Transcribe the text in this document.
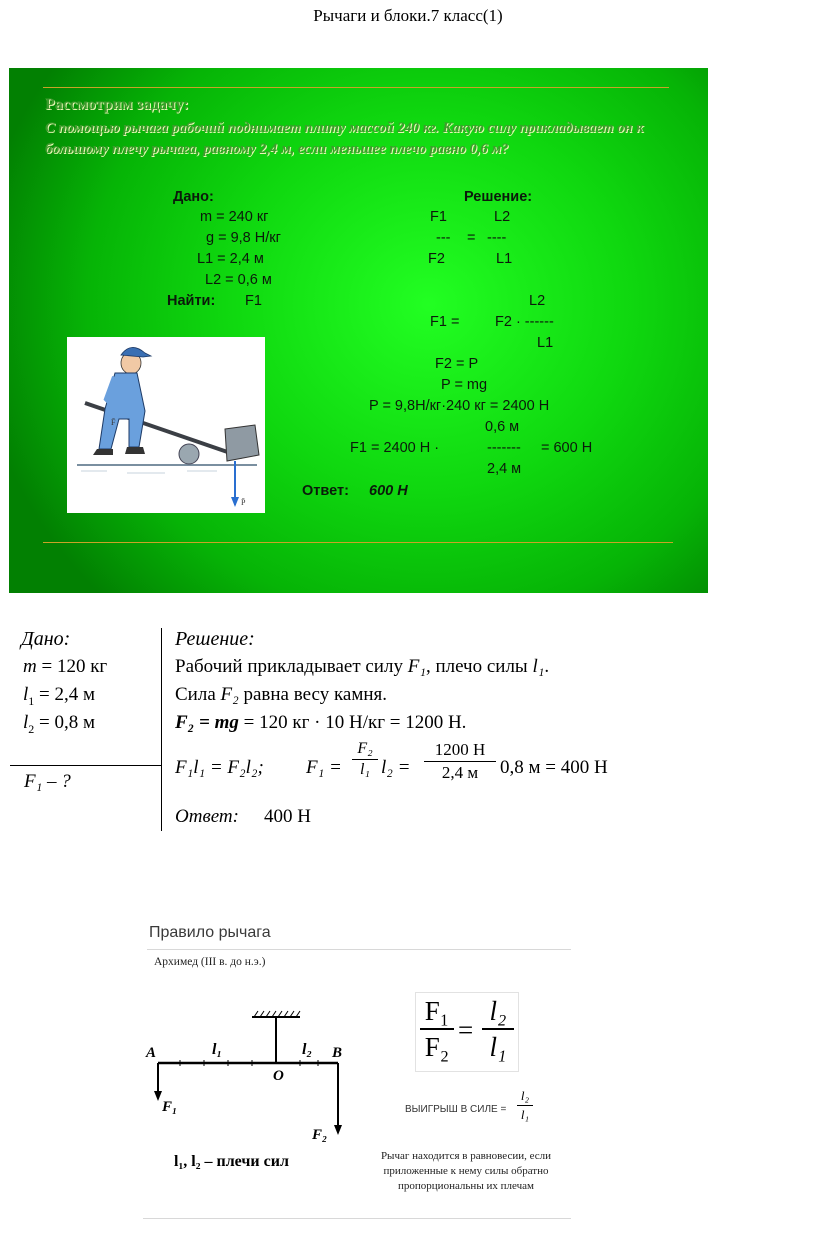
Рычаги и блоки.7 класс(1)
Рассмотрим задачу:
С помощью рычага рабочий поднимает плиту массой 240 кг. Какую силу прикладывает он к большому плечу рычага, равному 2,4 м, если меньшее плечо равно 0,6 м?
Дано:
m = 240 кг
g = 9,8 Н/кг
L1 = 2,4 м
L2 = 0,6 м
Найти: F1
Решение:
F1	L2
--- = ----
F2	L1
L2
F1 = F2 · ------
L1
F2 = P
P = mg
P = 9,8Н/кг·240 кг = 2400 Н
0,6 м
F1 = 2400 Н ·	------- = 600 Н
2,4 м
Ответ: 600 Н
P̄
F̄
Дано:
m = 120 кг
$l_1 = 2,4$ м
$l_2 = 0,8$ м
F₁ – ?
Решение:
Рабочий прикладывает силу F₁, плечо силы l₁.
Сила F₂ равна весу камня.
F₂ = mg = 120 кг · 10 Н/кг = 1200 Н.
F₁l₁ = F₂l₂; F₁ =
F₂
l₁ l₂ =
1200 Н
2,4 м	0,8 м = 400 Н
Ответ: 400 Н
Правило рычага
Архимед (III в. до н.э.)
A	B
O
l₁	l₂
F₁
F₂
l₁, l₂ – плечи сил
F₁
F₂
=
l₂
l₁
ВЫИГРЫШ В СИЛЕ =
l₂
l₁
Рычаг находится в равновесии, если приложенные к нему силы обратно пропорциональны их плечам
